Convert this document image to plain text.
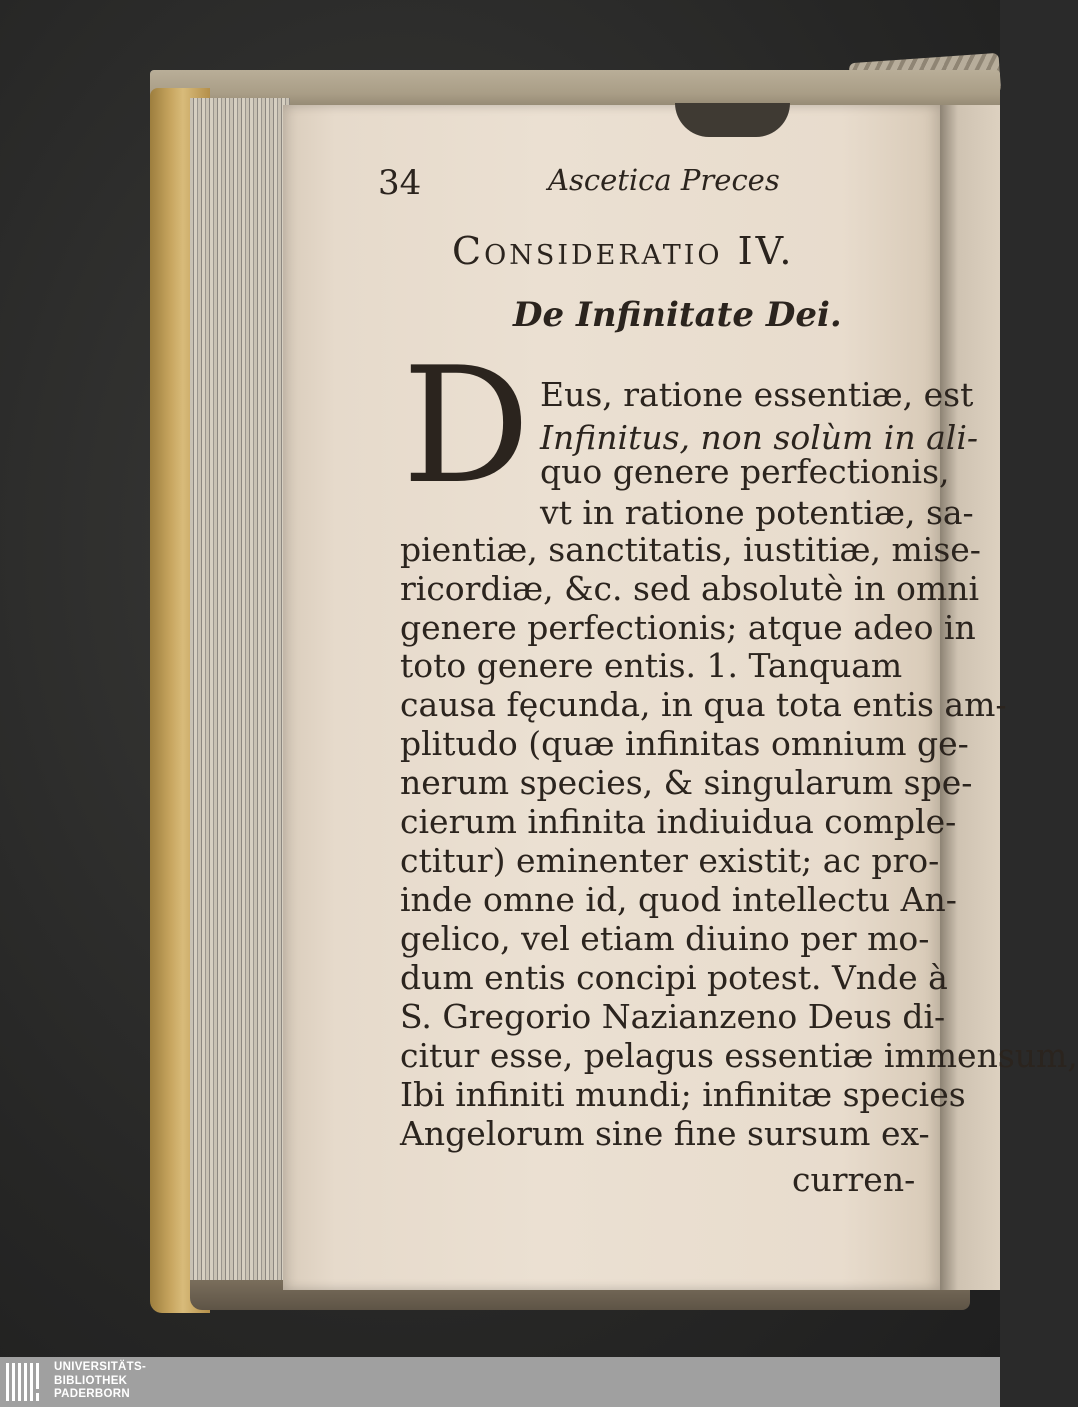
34	Ascetica Preces
Consideratio IV.
De Infinitate Dei.
D Eus, ratione essentiæ, est
Infinitus, non solùm in ali-
quo genere perfectionis,
vt in ratione potentiæ, sa-
pientiæ, sanctitatis, iustitiæ, mise-
ricordiæ, &c. sed absolutè in omni
genere perfectionis; atque adeo in
toto genere entis. 1. Tanquam
causa fęcunda, in qua tota entis am-
plitudo (quæ infinitas omnium ge-
nerum species, & singularum spe-
cierum infinita indiuidua comple-
ctitur) eminenter existit; ac pro-
inde omne id, quod intellectu An-
gelico, vel etiam diuino per mo-
dum entis concipi potest. Vnde à
S. Gregorio Nazianzeno Deus di-
citur esse, pelagus essentiæ immensum,
Ibi infiniti mundi; infinitæ species
Angelorum sine fine sursum ex-
curren-
UNIVERSITÄTS-
BIBLIOTHEK
PADERBORN
